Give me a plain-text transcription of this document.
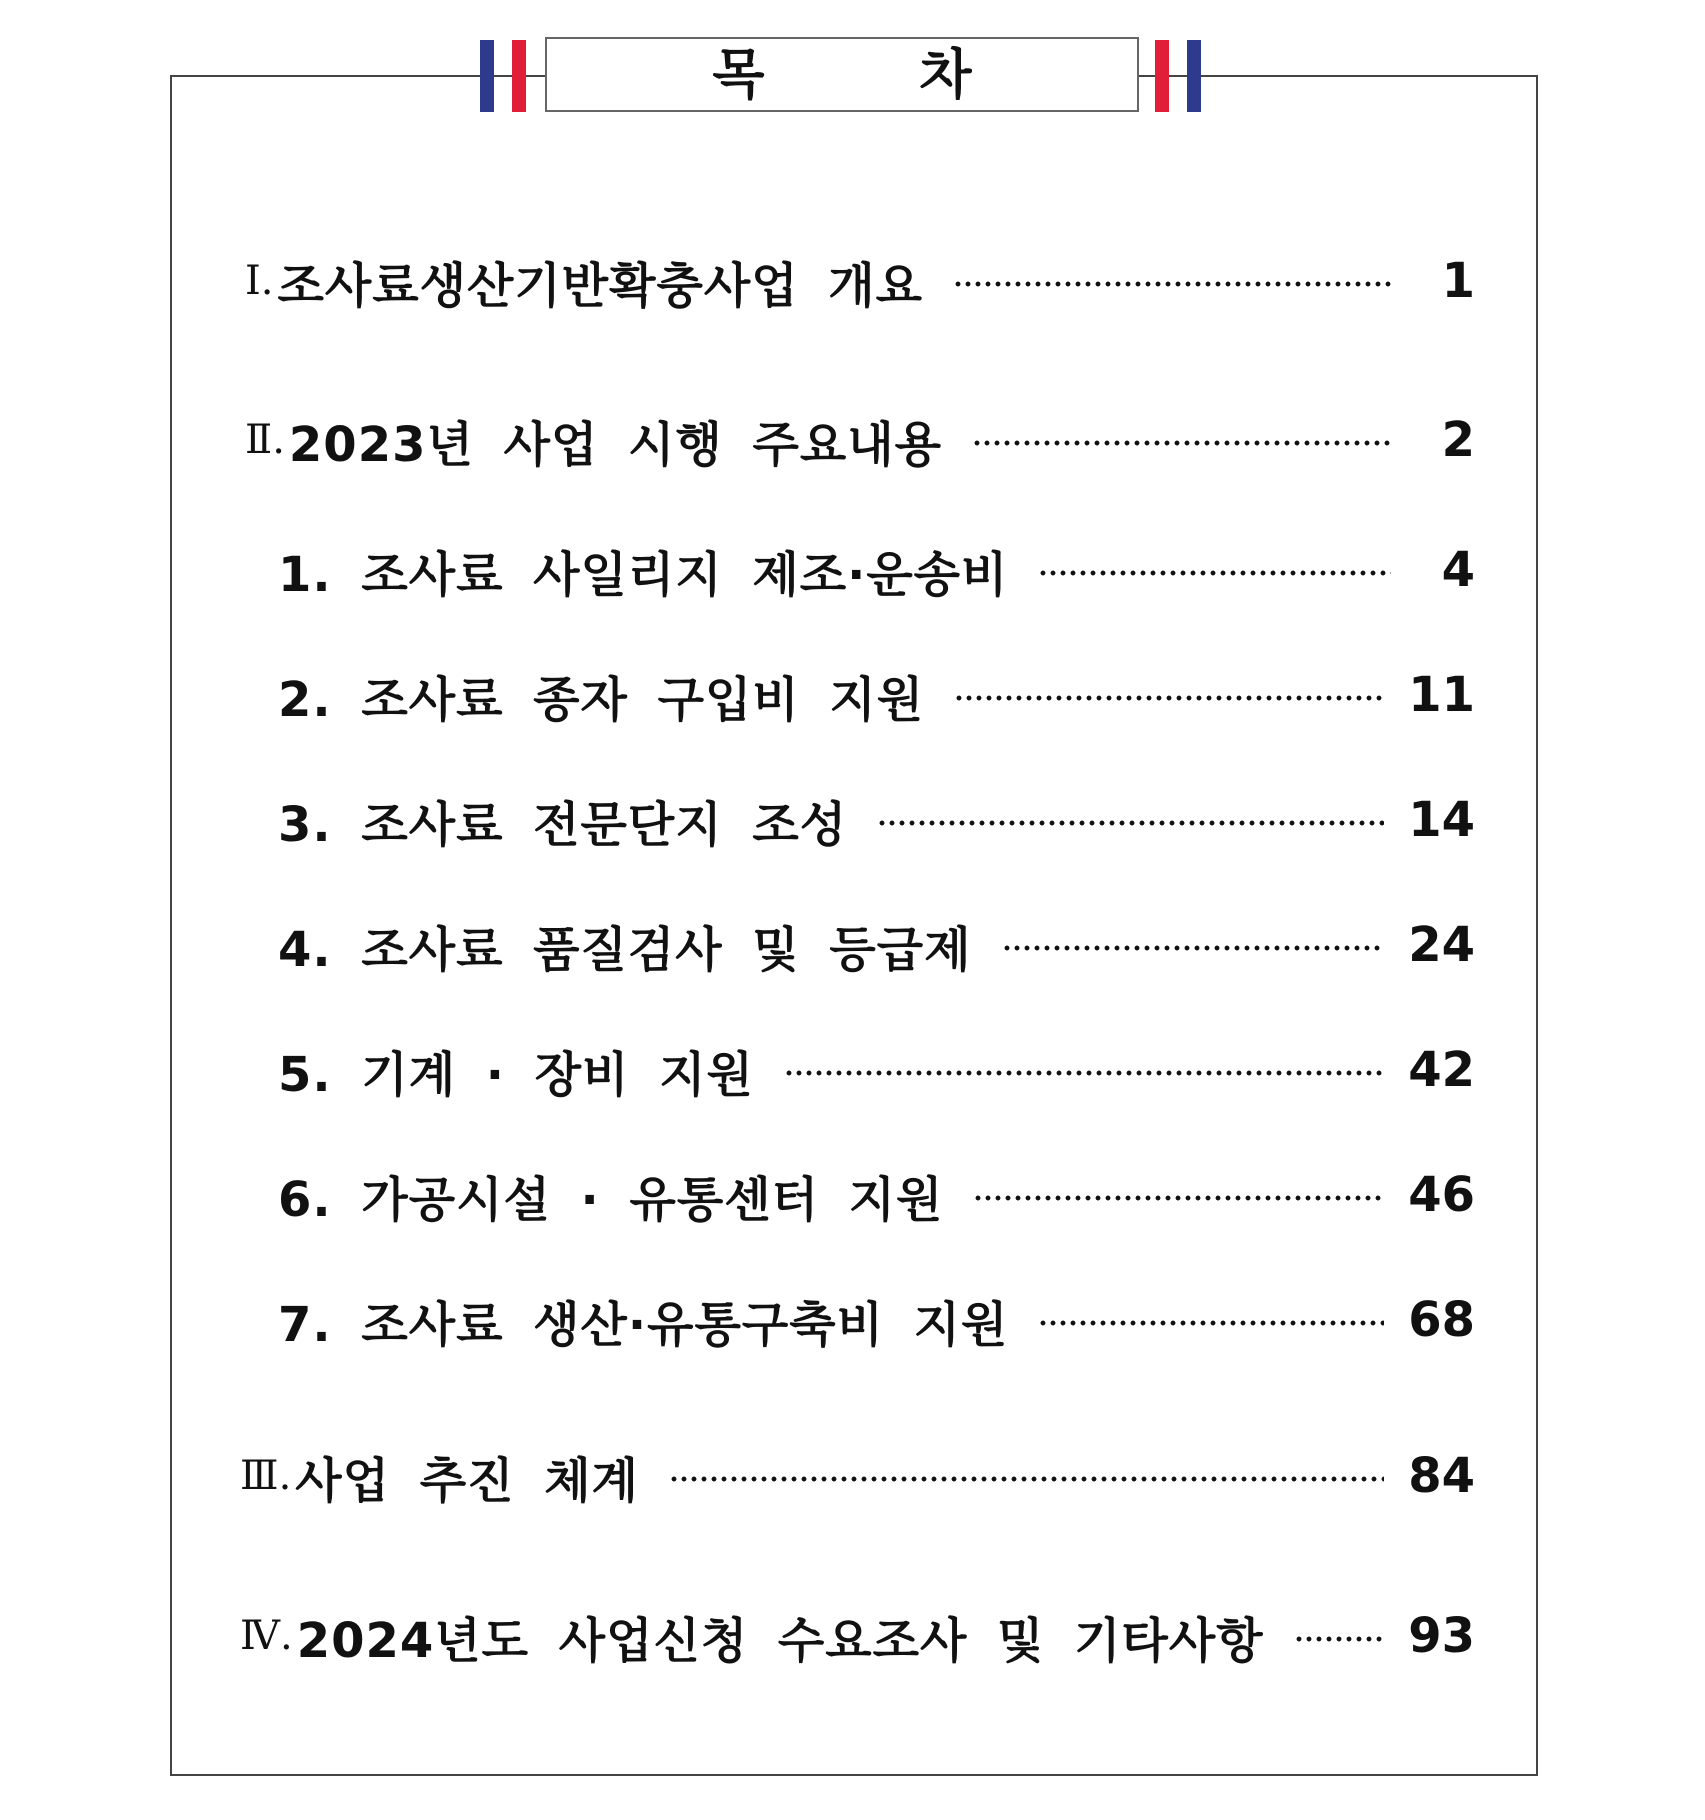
목 차
Ⅰ. 조사료생산기반확충사업 개요	1
Ⅱ. 2023년 사업 시행 주요내용	2
1. 조사료 사일리지 제조·운송비	4
2. 조사료 종자 구입비 지원	11
3. 조사료 전문단지 조성	14
4. 조사료 품질검사 및 등급제	24
5. 기계 · 장비 지원	42
6. 가공시설 · 유통센터 지원	46
7. 조사료 생산·유통구축비 지원	68
Ⅲ. 사업 추진 체계	84
Ⅳ. 2024년도 사업신청 수요조사 및 기타사항	93
